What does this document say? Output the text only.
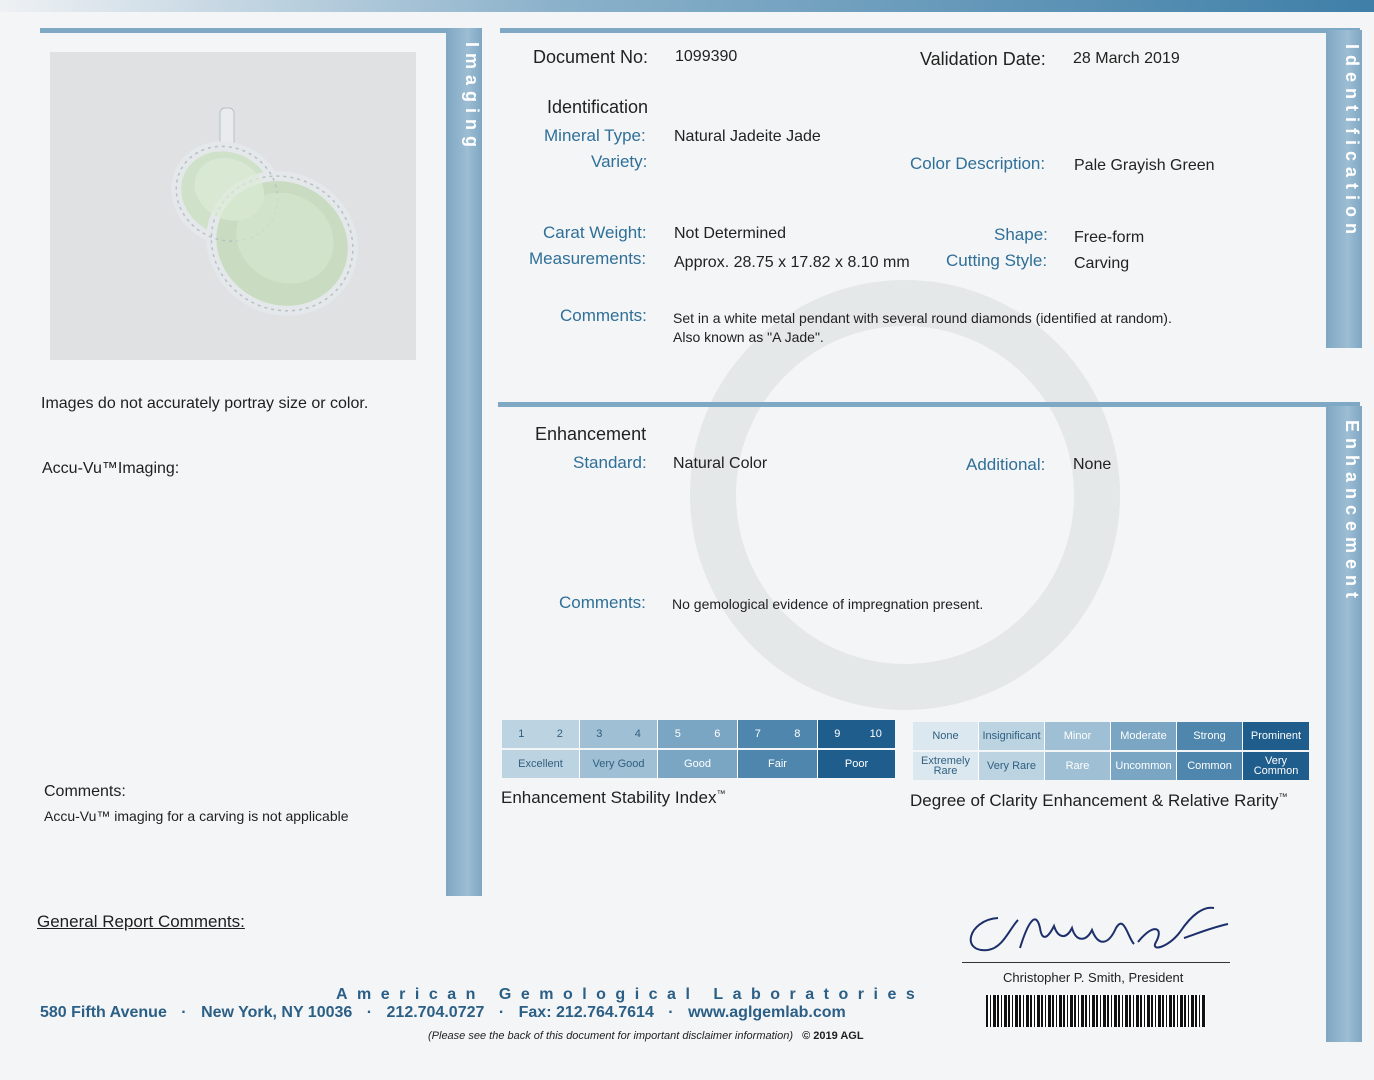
Imaging
Images do not accurately portray size or color.
Accu-Vu™Imaging:
Comments:
Accu-Vu™ imaging for a carving is not applicable
Identification
Document No: 1099390	Validation Date: 28 March 2019
Identification
Mineral Type: Natural Jadeite Jade
Variety:	Color Description: Pale Grayish Green
Carat Weight: Not Determined	Shape: Free-form
Measurements: Approx. 28.75 x 17.82 x 8.10 mm Cutting Style: Carving
Comments: Set in a white metal pendant with several round diamonds (identified at random).
Also known as "A Jade".
Enhancement
Enhancement
Standard: Natural Color	Additional: None
Comments: No gemological evidence of impregnation present.
1	2	3	4	5	6	7	8	9	10
Excellent	Very Good	Good	Fair	Poor
Enhancement Stability Index™
None	Insignificant	Minor	Moderate	Strong	Prominent
Extremely Rare	Very Rare	Rare	Uncommon	Common	Very Common
Degree of Clarity Enhancement & Relative Rarity™
General Report Comments:
American Gemological Laboratories
580 Fifth Avenue · New York, NY 10036 · 212.704.0727 · Fax: 212.764.7614 · www.aglgemlab.com
(Please see the back of this document for important disclaimer information) © 2019 AGL
Christopher P. Smith, President
